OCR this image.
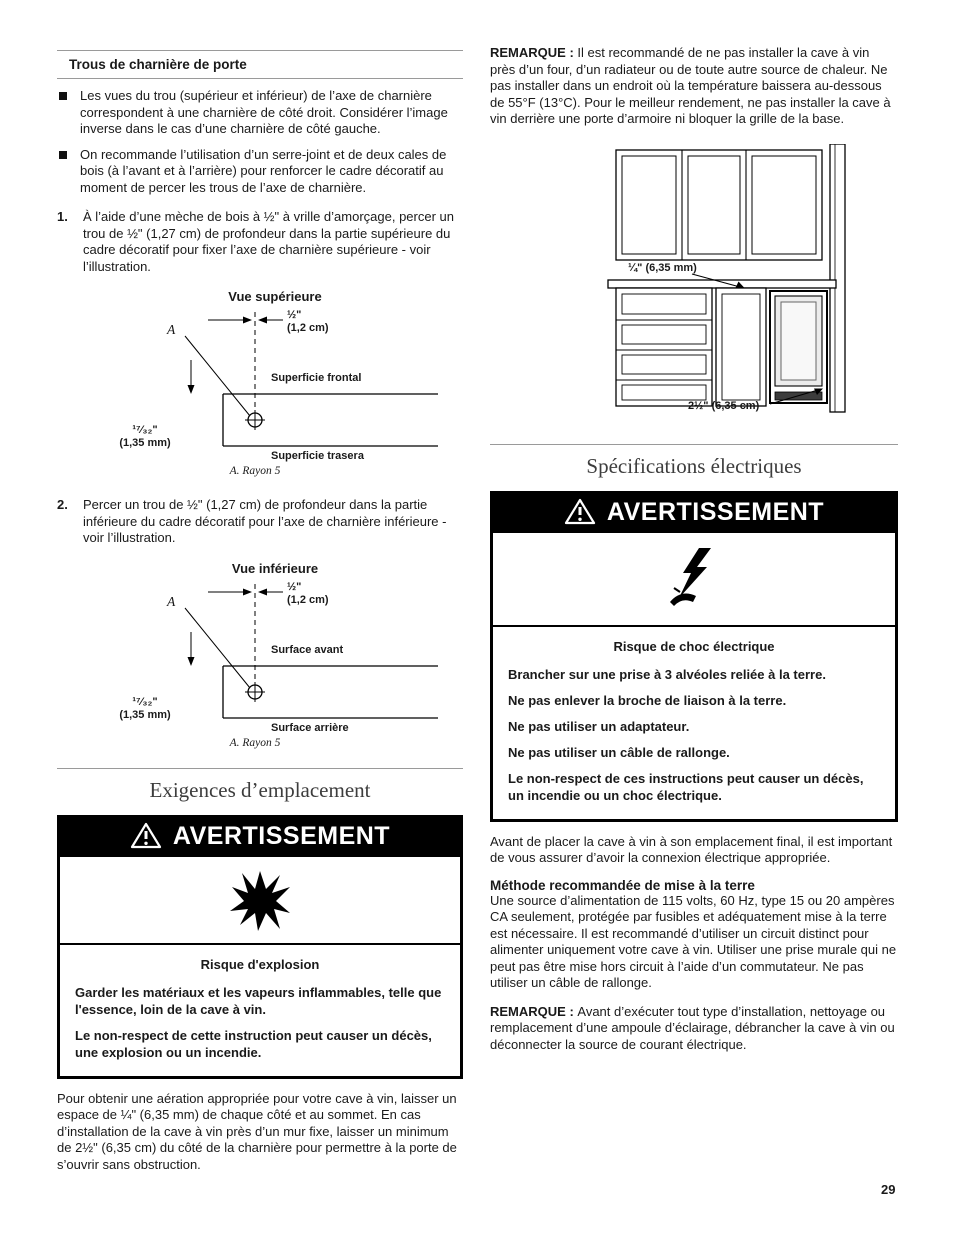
Trous de charnière de porte

Les vues du trou (supérieur et inférieur) de l’axe de charnière correspondent à une charnière de côté droit. Considérer l’image inverse dans le cas d’une charnière de côté gauche.

On recommande l’utilisation d’un serre-joint et de deux cales de bois (à l’avant et à l’arrière) pour renforcer le cadre décoratif au moment de percer les trous de l’axe de charnière.

1.	À l’aide d’une mèche de bois à ½" à vrille d’amorçage, percer un trou de ½" (1,27 cm) de profondeur dans la partie supérieure du cadre décoratif pour fixer l’axe de charnière supérieure - voir l’illustration.

Vue supérieure
A
½"
(1,2 cm)
Superficie frontal
¹⁷⁄₃₂"
(1,35 mm)
Superficie trasera
A. Rayon 5
2.	Percer un trou de ½" (1,27 cm) de profondeur dans la partie inférieure du cadre décoratif pour l’axe de charnière inférieure - voir l’illustration.

Vue inférieure
A
½"
(1,2 cm)
Surface avant
¹⁷⁄₃₂"
(1,35 mm)
Surface arrière
A. Rayon 5
Exigences d’emplacement
AVERTISSEMENT

Risque d'explosion

Garder les matériaux et les vapeurs inflammables, telle que l'essence, loin de la cave à vin.

Le non-respect de cette instruction peut causer un décès, une explosion ou un incendie.

Pour obtenir une aération appropriée pour votre cave à vin, laisser un espace de ¼" (6,35 mm) de chaque côté et au sommet. En cas d’installation de la cave à vin près d’un mur fixe, laisser un minimum de 2½" (6,35 cm) du côté de la charnière pour permettre à la porte de s’ouvrir sans obstruction.

REMARQUE : Il est recommandé de ne pas installer la cave à vin près d’un four, d’un radiateur ou de toute autre source de chaleur. Ne pas installer dans un endroit où la température baissera au-dessous de 55°F (13°C). Pour le meilleur rendement, ne pas installer la cave à vin derrière une porte d’armoire ni bloquer la grille de la base.

¼" (6,35 mm)
2½" (6,35 cm)
Spécifications électriques
AVERTISSEMENT

Risque de choc électrique

Brancher sur une prise à 3 alvéoles reliée à la terre.

Ne pas enlever la broche de liaison à la terre.

Ne pas utiliser un adaptateur.

Ne pas utiliser un câble de rallonge.

Le non-respect de ces instructions peut causer un décès, un incendie ou un choc électrique.

Avant de placer la cave à vin à son emplacement final, il est important de vous assurer d’avoir la connexion électrique appropriée.

Méthode recommandée de mise à la terre

Une source d’alimentation de 115 volts, 60 Hz, type 15 ou 20 ampères CA seulement, protégée par fusibles et adéquatement mise à la terre est nécessaire. Il est recommandé d’utiliser un circuit distinct pour alimenter uniquement votre cave à vin. Utiliser une prise murale qui ne peut pas être mise hors circuit à l’aide d’un commutateur. Ne pas utiliser un câble de rallonge.

REMARQUE : Avant d’exécuter tout type d’installation, nettoyage ou remplacement d’une ampoule d’éclairage, débrancher la cave à vin ou déconnecter la source de courant électrique.

29
